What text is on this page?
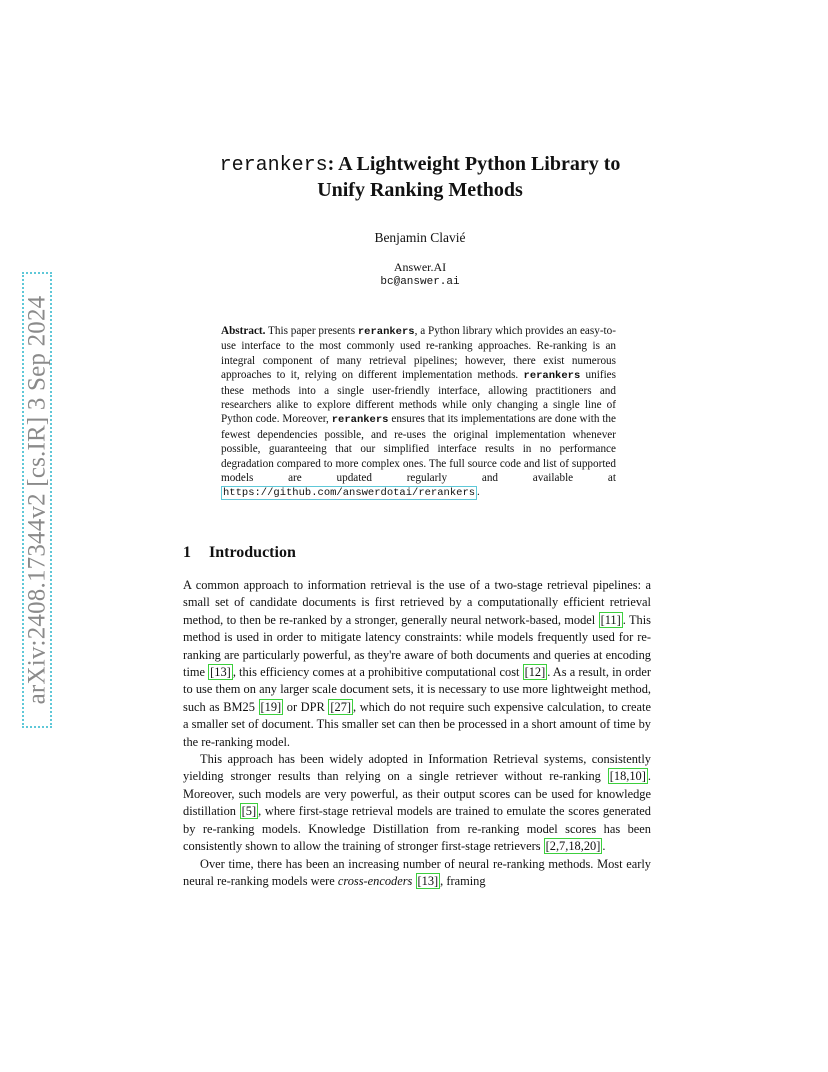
arXiv:2408.17344v2 [cs.IR] 3 Sep 2024
rerankers: A Lightweight Python Library to
Unify Ranking Methods
Benjamin Clavié
Answer.AI
bc@answer.ai
Abstract. This paper presents rerankers, a Python library which provides an easy-to-use interface to the most commonly used re-ranking approaches. Re-ranking is an integral component of many retrieval pipelines; however, there exist numerous approaches to it, relying on different implementation methods. rerankers unifies these methods into a single user-friendly interface, allowing practitioners and researchers alike to explore different methods while only changing a single line of Python code. Moreover, rerankers ensures that its implementations are done with the fewest dependencies possible, and re-uses the original implementation whenever possible, guaranteeing that our simplified interface results in no performance degradation compared to more complex ones. The full source code and list of supported models are updated regularly and available at https://github.com/answerdotai/rerankers .
1 Introduction

A common approach to information retrieval is the use of a two-stage retrieval pipelines: a small set of candidate documents is first retrieved by a computationally efficient retrieval method, to then be re-ranked by a stronger, generally neural network-based, model [11] . This method is used in order to mitigate latency constraints: while models frequently used for re-ranking are particularly powerful, as they're aware of both documents and queries at encoding time [13] , this efficiency comes at a prohibitive computational cost [12] . As a result, in order to use them on any larger scale document sets, it is necessary to use more lightweight method, such as BM25 [19] or DPR [27] , which do not require such expensive calculation, to create a smaller set of document. This smaller set can then be processed in a short amount of time by the re-ranking model.

This approach has been widely adopted in Information Retrieval systems, consistently yielding stronger results than relying on a single retriever without re-ranking [18,10] . Moreover, such models are very powerful, as their output scores can be used for knowledge distillation [5] , where first-stage retrieval models are trained to emulate the scores generated by re-ranking models. Knowledge Distillation from re-ranking model scores has been consistently shown to allow the training of stronger first-stage retrievers [2,7,18,20] .

Over time, there has been an increasing number of neural re-ranking methods. Most early neural re-ranking models were cross-encoders [13] , framing
